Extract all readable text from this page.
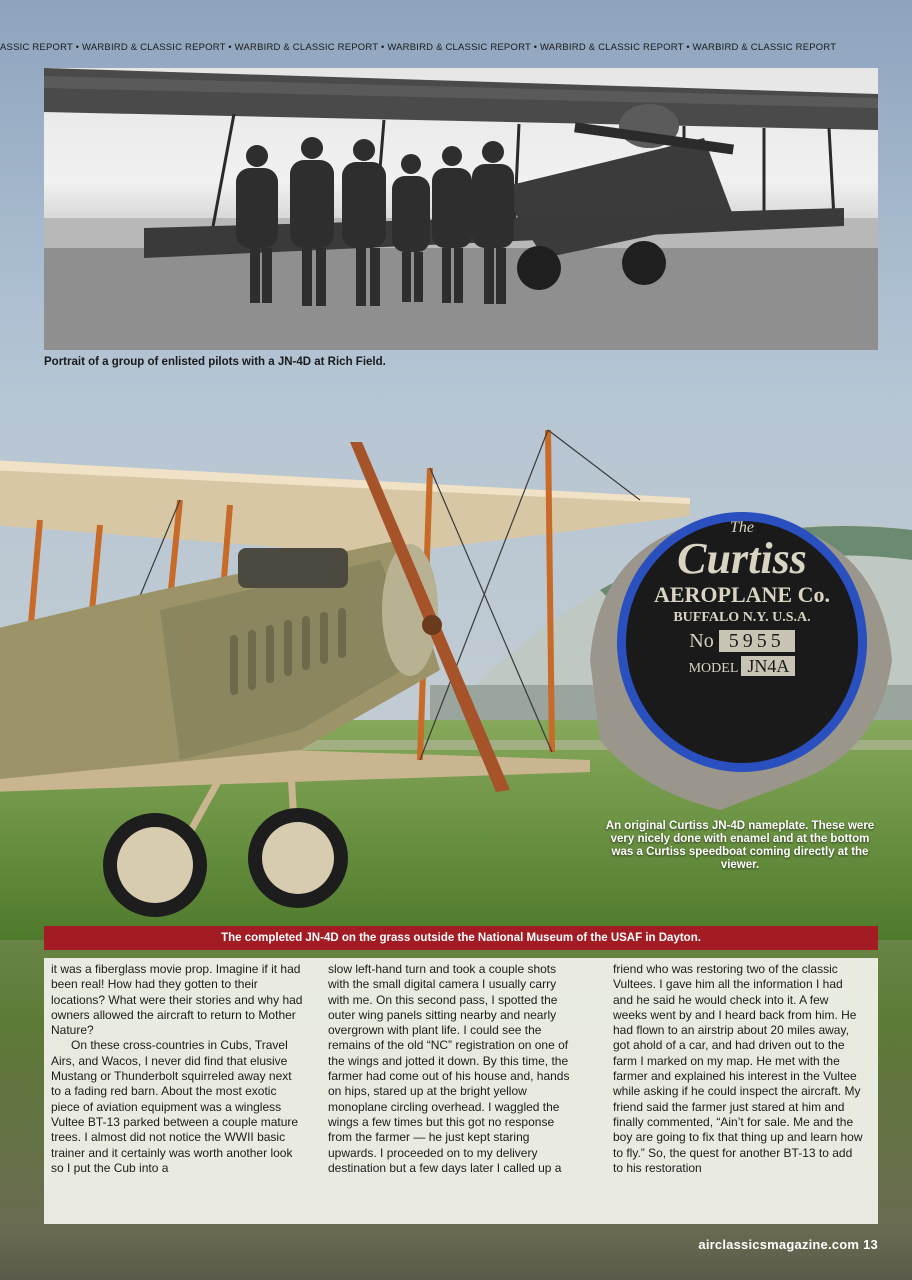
ASSIC REPORT • WARBIRD & CLASSIC REPORT • WARBIRD & CLASSIC REPORT • WARBIRD & CLASSIC REPORT • WARBIRD & CLASSIC REPORT • WARBIRD & CLASSIC REPORT
Portrait of a group of enlisted pilots with a JN-4D at Rich Field.
The
Curtiss
AEROPLANE Co.
BUFFALO N.Y. U.S.A.
No 5955
MODEL JN4A
An original Curtiss JN-4D nameplate. These were very nicely done with enamel and at the bottom was a Curtiss speedboat coming directly at the viewer.
The completed JN-4D on the grass outside the National Museum of the USAF in Dayton.

it was a fiberglass movie prop. Imagine if it had been real! How had they gotten to their locations? What were their stories and why had owners allowed the aircraft to return to Mother Nature?

On these cross-countries in Cubs, Travel Airs, and Wacos, I never did find that elusive Mustang or Thunderbolt squirreled away next to a fading red barn. About the most exotic piece of aviation equipment was a wingless Vultee BT-13 parked between a couple mature trees. I almost did not notice the WWII basic trainer and it certainly was worth another look so I put the Cub into a

slow left-hand turn and took a couple shots with the small digital camera I usually carry with me. On this second pass, I spotted the outer wing panels sitting nearby and nearly overgrown with plant life. I could see the remains of the old “NC” registration on one of the wings and jotted it down. By this time, the farmer had come out of his house and, hands on hips, stared up at the bright yellow monoplane circling overhead. I waggled the wings a few times but this got no response from the farmer — he just kept staring upwards. I proceeded on to my delivery destination but a few days later I called up a

friend who was restoring two of the classic Vultees. I gave him all the information I had and he said he would check into it. A few weeks went by and I heard back from him. He had flown to an airstrip about 20 miles away, got ahold of a car, and had driven out to the farm I marked on my map. He met with the farmer and explained his interest in the Vultee while asking if he could inspect the aircraft. My friend said the farmer just stared at him and finally commented, “Ain’t for sale. Me and the boy are going to fix that thing up and learn how to fly.” So, the quest for another BT-13 to add to his restoration

airclassicsmagazine.com 13
